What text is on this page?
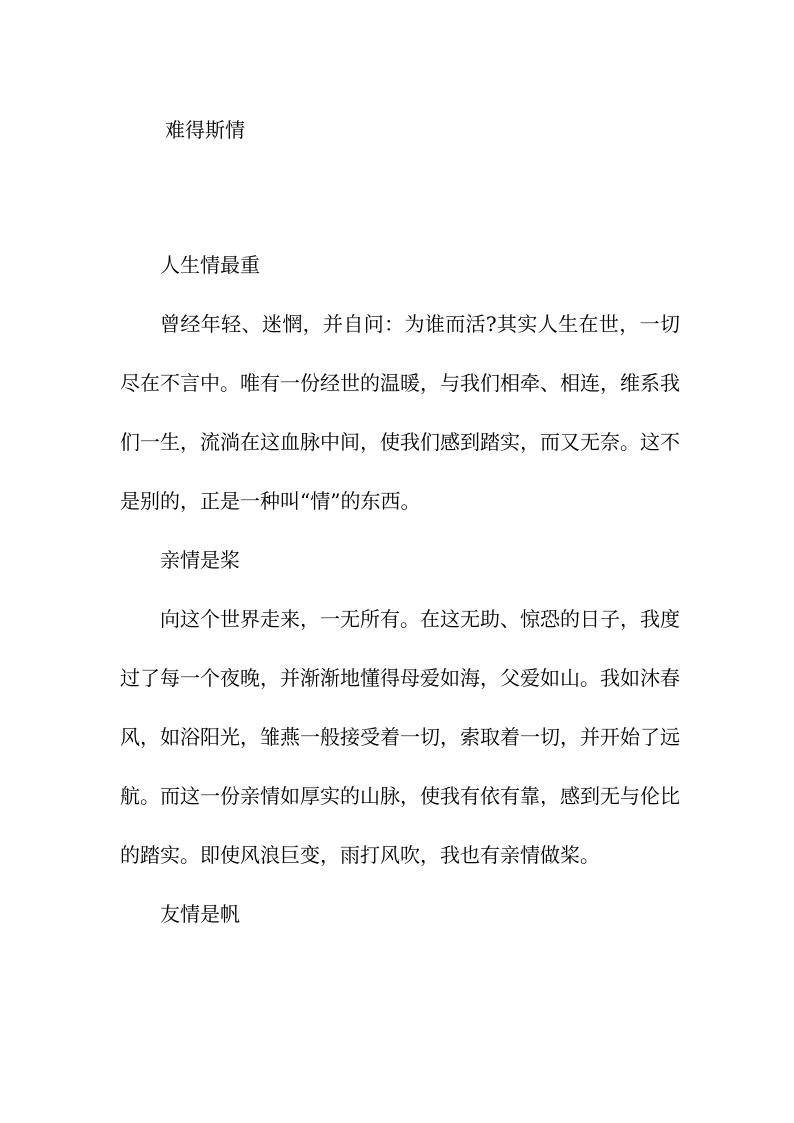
难得斯情

人生情最重

曾经年轻、迷惘，并自问：为谁而活?其实人生在世，一切尽在不言中。唯有一份经世的温暖，与我们相牵、相连，维系我们一生，流淌在这血脉中间，使我们感到踏实，而又无奈。这不是别的，正是一种叫“情”的东西。

亲情是桨

向这个世界走来，一无所有。在这无助、惊恐的日子，我度过了每一个夜晚，并渐渐地懂得母爱如海，父爱如山。我如沐春风，如浴阳光，雏燕一般接受着一切，索取着一切，并开始了远航。而这一份亲情如厚实的山脉，使我有依有靠，感到无与伦比的踏实。即使风浪巨变，雨打风吹，我也有亲情做桨。

友情是帆
